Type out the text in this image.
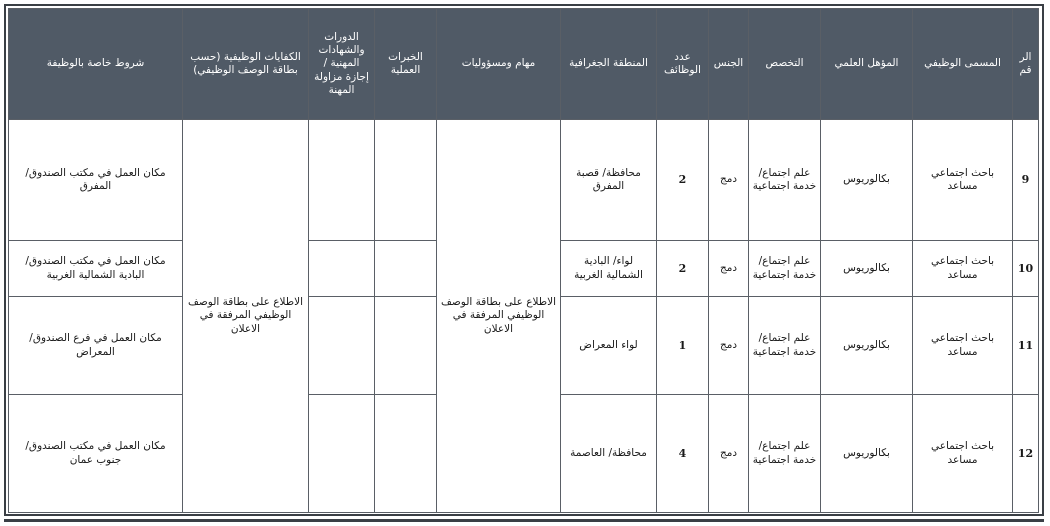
الر قم	المسمى الوظيفي	المؤهل العلمي	التخصص	الجنس	عدد الوظائف	المنطقة الجغرافية	مهام ومسؤوليات	الخبرات العملية	الدورات والشهادات المهنية /إجازة مزاولة المهنة	الكفايات الوظيفية (حسب بطاقة الوصف الوظيفي)	شروط خاصة بالوظيفة
9	باحث اجتماعي مساعد	بكالوريوس	علم اجتماع/ خدمة اجتماعية	دمج	2	محافظة/ قصبة المفرق	الاطلاع على بطاقة الوصف الوظيفي المرفقة في الاعلان			الاطلاع على بطاقة الوصف الوظيفي المرفقة في الاعلان	مكان العمل في مكتب الصندوق/ المفرق
10	باحث اجتماعي مساعد	بكالوريوس	علم اجتماع/ خدمة اجتماعية	دمج	2	لواء/ البادية الشمالية الغربية					مكان العمل في مكتب الصندوق/ البادية الشمالية الغربية
11	باحث اجتماعي مساعد	بكالوريوس	علم اجتماع/ خدمة اجتماعية	دمج	1	لواء المعراض					مكان العمل في فرع الصندوق/ المعراض
12	باحث اجتماعي مساعد	بكالوريوس	علم اجتماع/ خدمة اجتماعية	دمج	4	محافظة/ العاصمة					مكان العمل في مكتب الصندوق/ جنوب عمان
